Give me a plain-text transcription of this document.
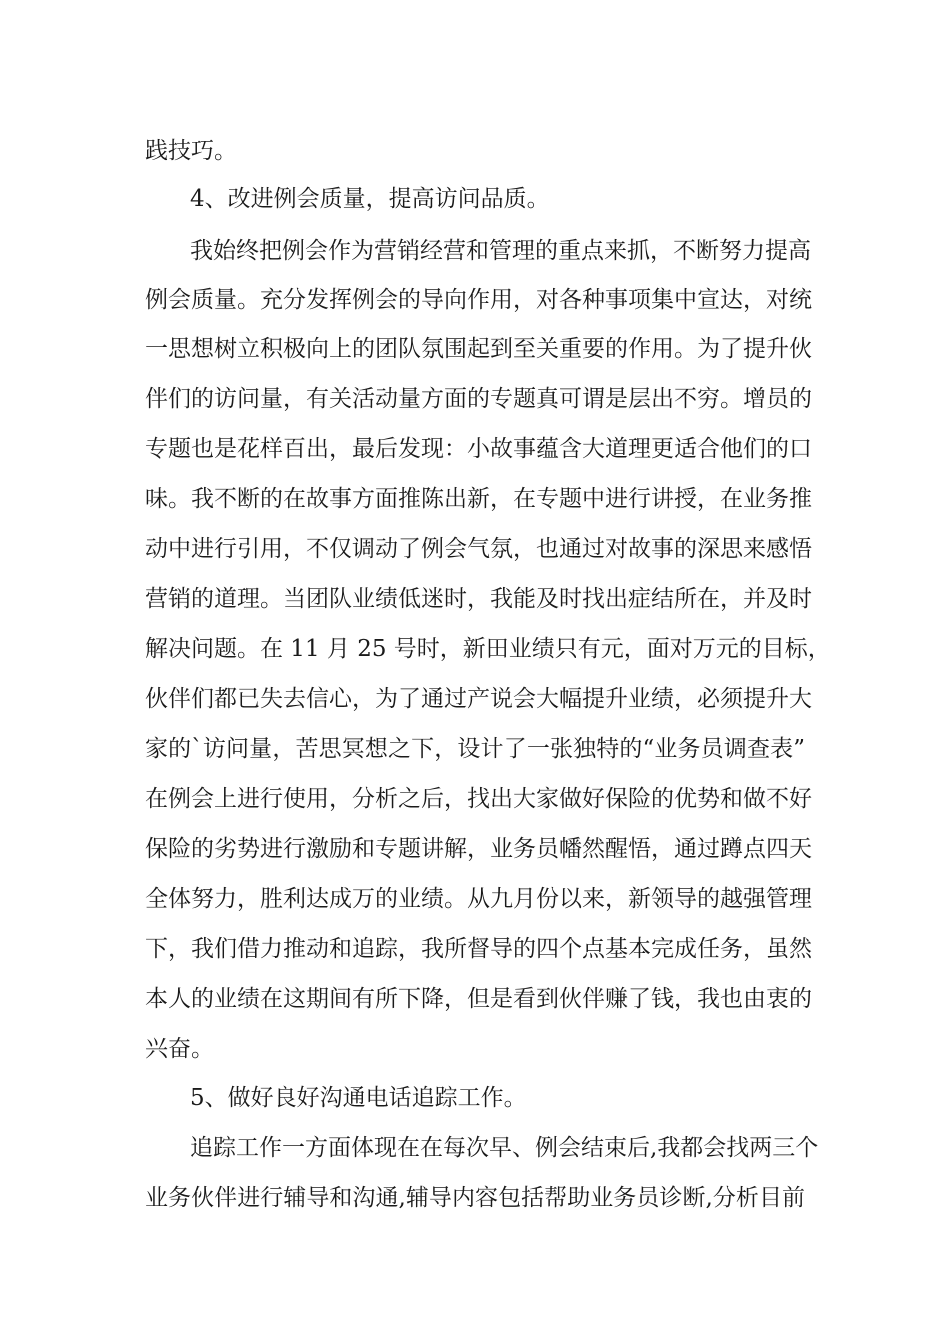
践技巧。
4、改进例会质量，提高访问品质。
我始终把例会作为营销经营和管理的重点来抓，不断努力提高
例会质量。充分发挥例会的导向作用，对各种事项集中宣达，对统
一思想树立积极向上的团队氛围起到至关重要的作用。为了提升伙
伴们的访问量，有关活动量方面的专题真可谓是层出不穷。增员的
专题也是花样百出，最后发现：小故事蕴含大道理更适合他们的口
味。我不断的在故事方面推陈出新，在专题中进行讲授，在业务推
动中进行引用，不仅调动了例会气氛，也通过对故事的深思来感悟
营销的道理。当团队业绩低迷时，我能及时找出症结所在，并及时
解决问题。在 11 月 25 号时，新田业绩只有元，面对万元的目标，
伙伴们都已失去信心，为了通过产说会大幅提升业绩，必须提升大
家的`访问量，苦思冥想之下，设计了一张独特的“业务员调查表”
在例会上进行使用，分析之后，找出大家做好保险的优势和做不好
保险的劣势进行激励和专题讲解，业务员幡然醒悟，通过蹲点四天
全体努力，胜利达成万的业绩。从九月份以来，新领导的越强管理
下，我们借力推动和追踪，我所督导的四个点基本完成任务，虽然
本人的业绩在这期间有所下降，但是看到伙伴赚了钱，我也由衷的
兴奋。
5、做好良好沟通电话追踪工作。
追踪工作一方面体现在在每次早、例会结束后,我都会找两三个
业务伙伴进行辅导和沟通,辅导内容包括帮助业务员诊断,分析目前
